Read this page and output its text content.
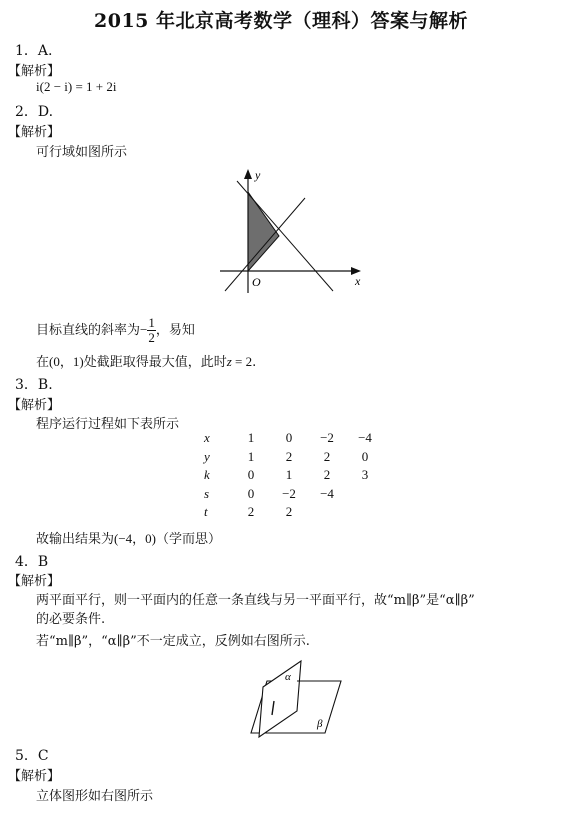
2015 年北京高考数学（理科）答案与解析
1．A.
【解析】
i(2 − i) = 1 + 2i
2．D.
【解析】
可行域如图所示
y
x
O
目标直线的斜率为− $\frac{1}{2}$ ，易知
在(0，1)处截距取得最大值，此时z = 2.
3．B.
【解析】
程序运行过程如下表所示
x	1	0	−2	−4
y	1	2	2	0
k	0	1	2	3
s	0	−2	−4	
t	2	2		
故输出结果为(−4，0)（学而思）
4．B
【解析】
两平面平行，则一平面内的任意一条直线与另一平面平行，故“m∥β”是“α∥β”
的必要条件.
若“m∥β”，“α∥β”不一定成立，反例如右图所示.
α
β
5．C
【解析】
立体图形如右图所示
